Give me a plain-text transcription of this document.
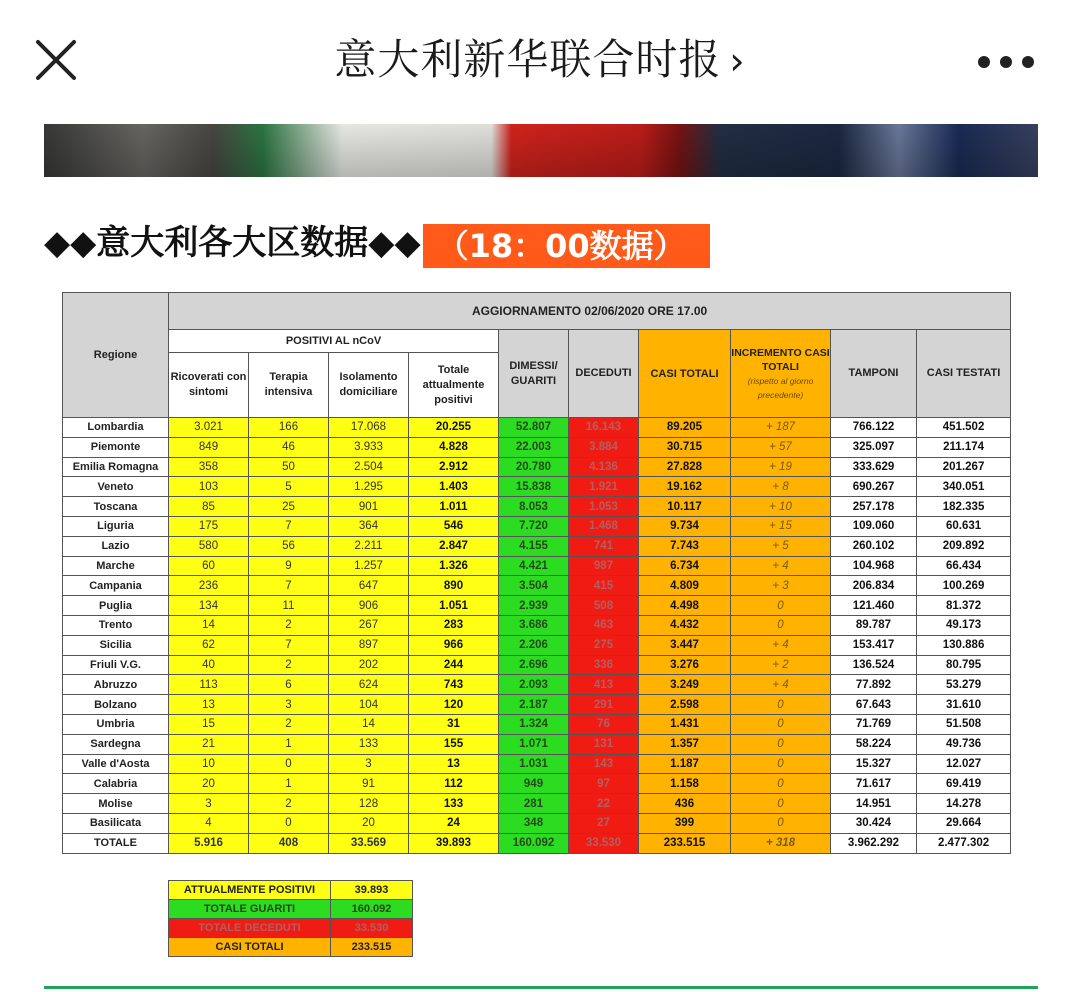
意大利新华联合时报 ›
◆◆意大利各大区数据◆◆ （18：00数据）
Regione	AGGIORNAMENTO 02/06/2020 ORE 17.00									
	POSITIVI AL nCoV				DIMESSI/ GUARITI	DECEDUTI	CASI TOTALI	INCREMENTO CASI TOTALI
(rispetto al giorno precedente)	TAMPONI	CASI TESTATI
	Ricoverati con sintomi	Terapia intensiva	Isolamento domiciliare	Totale attualmente positivi						
Lombardia	3.021	166	17.068	20.255	52.807	16.143	89.205	+ 187	766.122	451.502
Piemonte	849	46	3.933	4.828	22.003	3.884	30.715	+ 57	325.097	211.174
Emilia Romagna	358	50	2.504	2.912	20.780	4.136	27.828	+ 19	333.629	201.267
Veneto	103	5	1.295	1.403	15.838	1.921	19.162	+ 8	690.267	340.051
Toscana	85	25	901	1.011	8.053	1.053	10.117	+ 10	257.178	182.335
Liguria	175	7	364	546	7.720	1.468	9.734	+ 15	109.060	60.631
Lazio	580	56	2.211	2.847	4.155	741	7.743	+ 5	260.102	209.892
Marche	60	9	1.257	1.326	4.421	987	6.734	+ 4	104.968	66.434
Campania	236	7	647	890	3.504	415	4.809	+ 3	206.834	100.269
Puglia	134	11	906	1.051	2.939	508	4.498	0	121.460	81.372
Trento	14	2	267	283	3.686	463	4.432	0	89.787	49.173
Sicilia	62	7	897	966	2.206	275	3.447	+ 4	153.417	130.886
Friuli V.G.	40	2	202	244	2.696	336	3.276	+ 2	136.524	80.795
Abruzzo	113	6	624	743	2.093	413	3.249	+ 4	77.892	53.279
Bolzano	13	3	104	120	2.187	291	2.598	0	67.643	31.610
Umbria	15	2	14	31	1.324	76	1.431	0	71.769	51.508
Sardegna	21	1	133	155	1.071	131	1.357	0	58.224	49.736
Valle d'Aosta	10	0	3	13	1.031	143	1.187	0	15.327	12.027
Calabria	20	1	91	112	949	97	1.158	0	71.617	69.419
Molise	3	2	128	133	281	22	436	0	14.951	14.278
Basilicata	4	0	20	24	348	27	399	0	30.424	29.664
TOTALE	5.916	408	33.569	39.893	160.092	33.530	233.515	+ 318	3.962.292	2.477.302
ATTUALMENTE POSITIVI	39.893
TOTALE GUARITI	160.092
TOTALE DECEDUTI	33.530
CASI TOTALI	233.515
